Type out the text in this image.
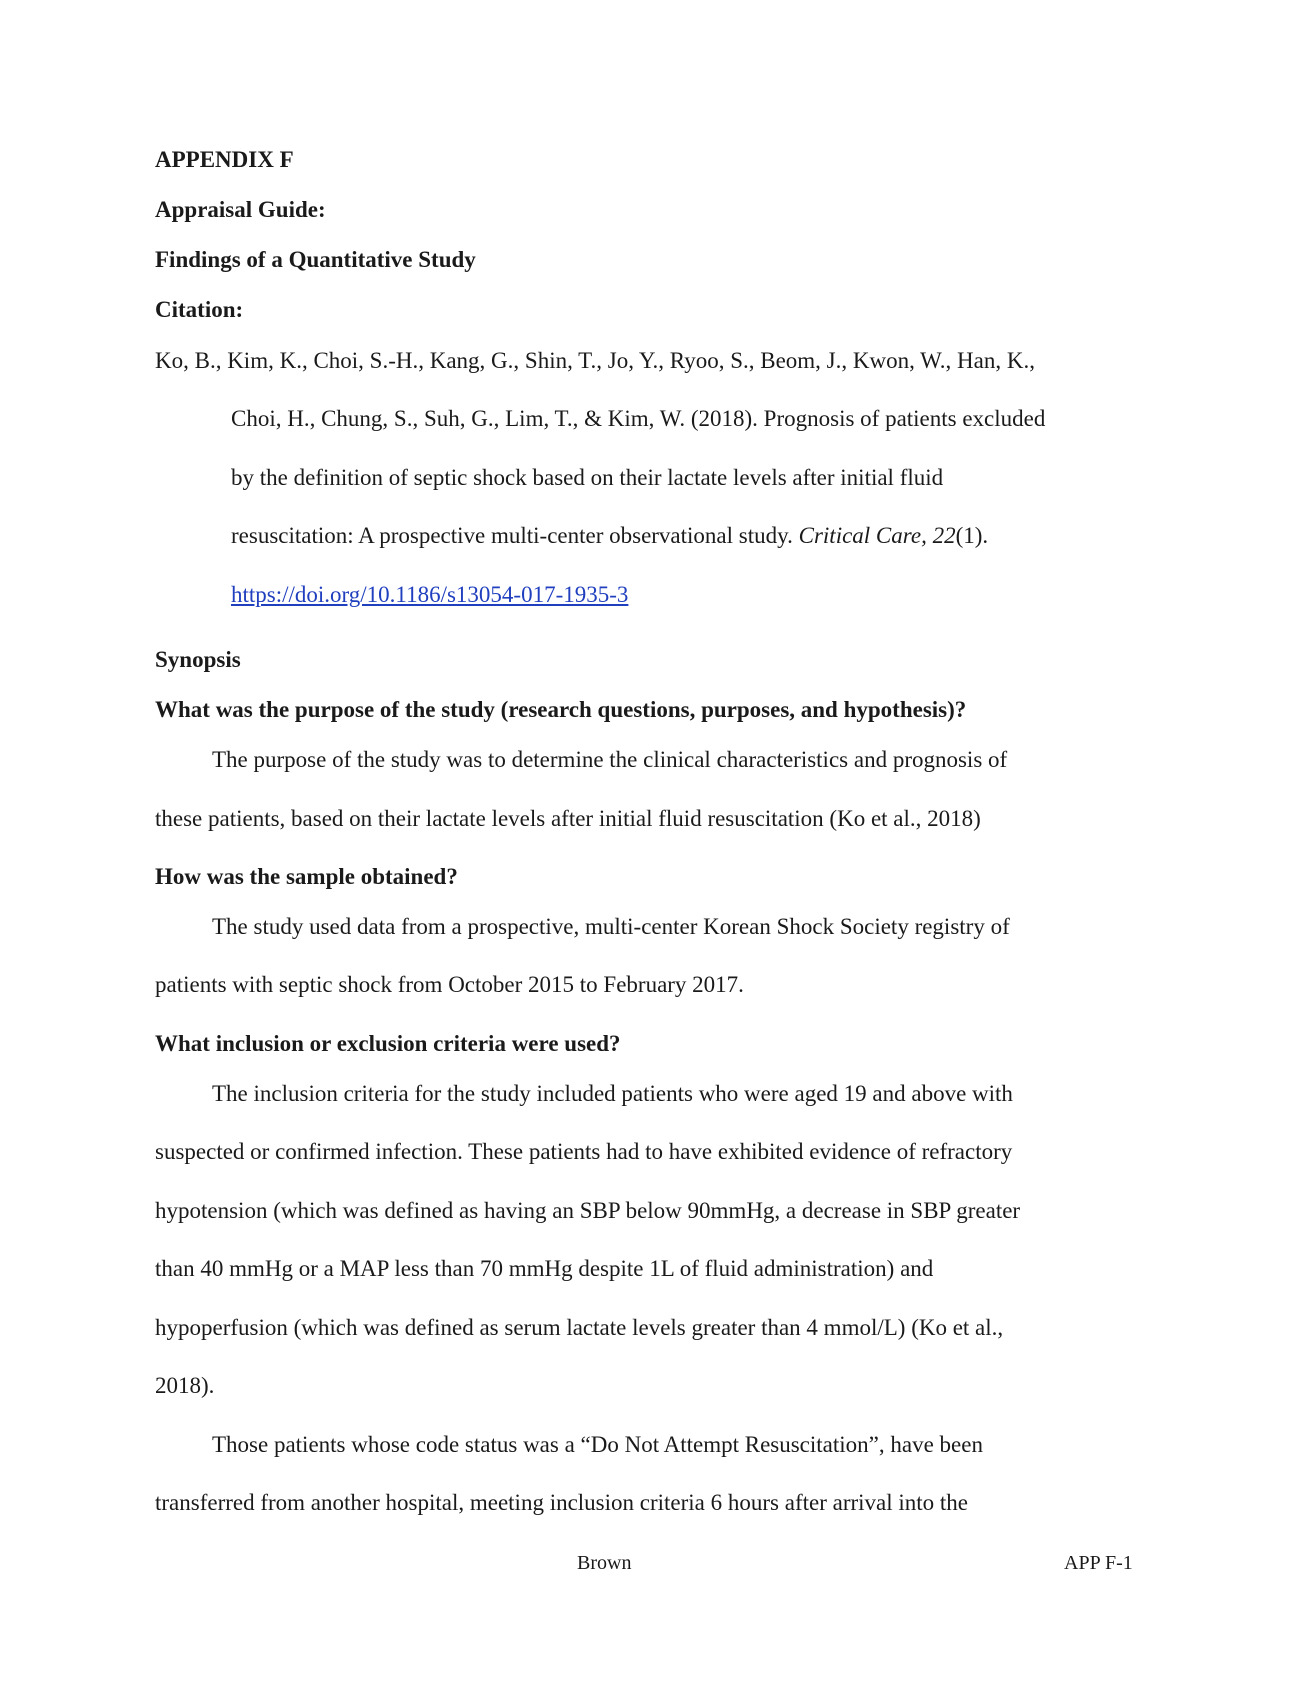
APPENDIX F
Appraisal Guide:
Findings of a Quantitative Study
Citation:
Ko, B., Kim, K., Choi, S.-H., Kang, G., Shin, T., Jo, Y., Ryoo, S., Beom, J., Kwon, W., Han, K.,
Choi, H., Chung, S., Suh, G., Lim, T., & Kim, W. (2018). Prognosis of patients excluded
by the definition of septic shock based on their lactate levels after initial fluid
resuscitation: A prospective multi-center observational study. Critical Care, 22(1).
https://doi.org/10.1186/s13054-017-1935-3
Synopsis
What was the purpose of the study (research questions, purposes, and hypothesis)?
The purpose of the study was to determine the clinical characteristics and prognosis of
these patients, based on their lactate levels after initial fluid resuscitation (Ko et al., 2018)
How was the sample obtained?
The study used data from a prospective, multi-center Korean Shock Society registry of
patients with septic shock from October 2015 to February 2017.
What inclusion or exclusion criteria were used?
The inclusion criteria for the study included patients who were aged 19 and above with
suspected or confirmed infection. These patients had to have exhibited evidence of refractory
hypotension (which was defined as having an SBP below 90mmHg, a decrease in SBP greater
than 40 mmHg or a MAP less than 70 mmHg despite 1L of fluid administration) and
hypoperfusion (which was defined as serum lactate levels greater than 4 mmol/L) (Ko et al.,
2018).
Those patients whose code status was a “Do Not Attempt Resuscitation”, have been
transferred from another hospital, meeting inclusion criteria 6 hours after arrival into the
Brown	APP F-1
